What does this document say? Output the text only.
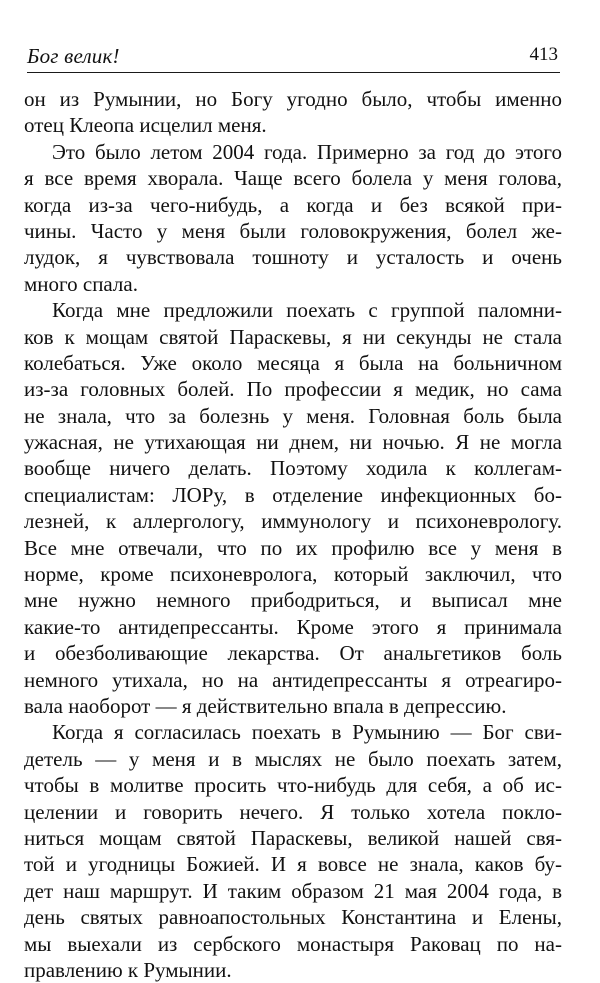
Бог велик!	413
он из Румынии, но Богу угодно было, чтобы именно
отец Клеопа исцелил меня.
Это было летом 2004 года. Примерно за год до этого
я все время хворала. Чаще всего болела у меня голова,
когда из-за чего-нибудь, а когда и без всякой при-
чины. Часто у меня были головокружения, болел же-
лудок, я чувствовала тошноту и усталость и очень
много спала.
Когда мне предложили поехать с группой паломни-
ков к мощам святой Параскевы, я ни секунды не стала
колебаться. Уже около месяца я была на больничном
из-за головных болей. По профессии я медик, но сама
не знала, что за болезнь у меня. Головная боль была
ужасная, не утихающая ни днем, ни ночью. Я не могла
вообще ничего делать. Поэтому ходила к коллегам-
специалистам: ЛОРу, в отделение инфекционных бо-
лезней, к аллергологу, иммунологу и психоневрологу.
Все мне отвечали, что по их профилю все у меня в
норме, кроме психоневролога, который заключил, что
мне нужно немного прибодриться, и выписал мне
какие-то антидепрессанты. Кроме этого я принимала
и обезболивающие лекарства. От анальгетиков боль
немного утихала, но на антидепрессанты я отреагиро-
вала наоборот — я действительно впала в депрессию.
Когда я согласилась поехать в Румынию — Бог сви-
детель — у меня и в мыслях не было поехать затем,
чтобы в молитве просить что-нибудь для себя, а об ис-
целении и говорить нечего. Я только хотела покло-
ниться мощам святой Параскевы, великой нашей свя-
той и угодницы Божией. И я вовсе не знала, каков бу-
дет наш маршрут. И таким образом 21 мая 2004 года, в
день святых равноапостольных Константина и Елены,
мы выехали из сербского монастыря Раковац по на-
правлению к Румынии.
